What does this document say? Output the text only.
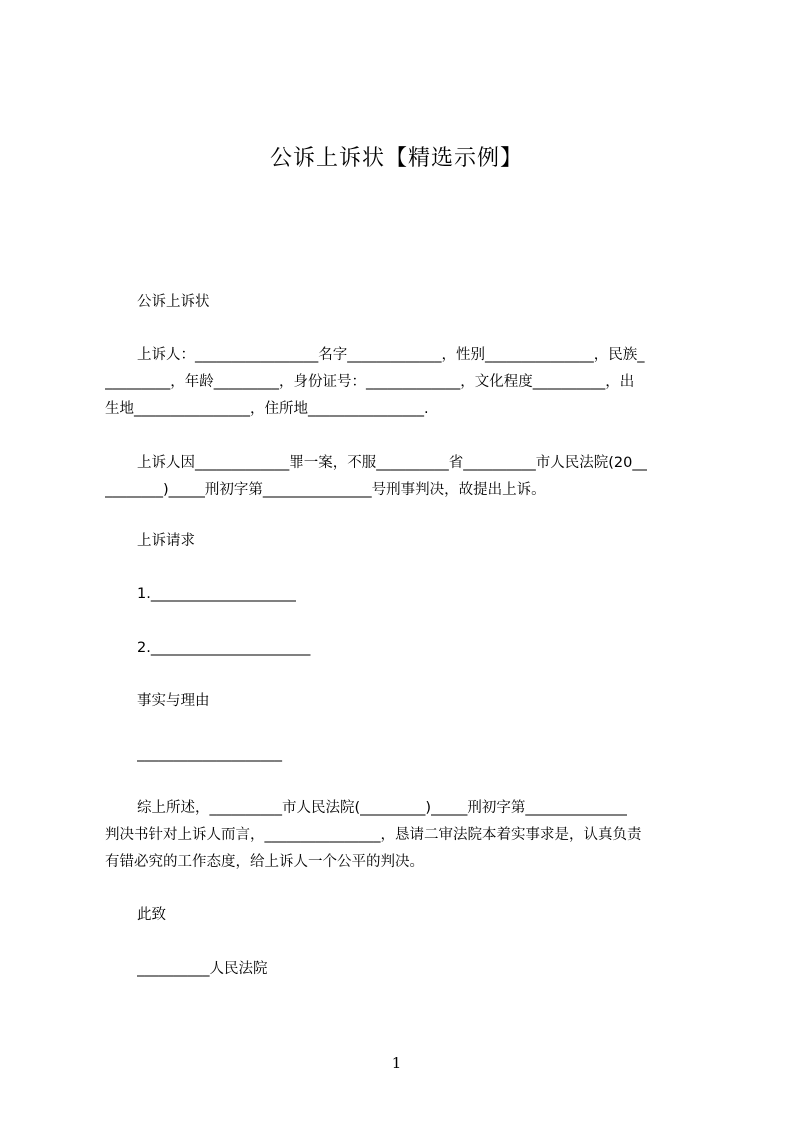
公诉上诉状【精选示例】
公诉上诉状
上诉人：_________________名字_____________，性别_______________，民族_
_________，年龄_________，身份证号：_____________，文化程度__________，出
生地________________，住所地________________.
上诉人因_____________罪一案，不服__________省__________市人民法院(20__
________)_____刑初字第_______________号刑事判决，故提出上诉。
上诉请求
1.____________________
2.______________________
事实与理由
____________________
综上所述，__________市人民法院(_________)_____刑初字第______________
判决书针对上诉人而言，________________，恳请二审法院本着实事求是，认真负责
有错必究的工作态度，给上诉人一个公平的判决。
此致
__________人民法院
1
